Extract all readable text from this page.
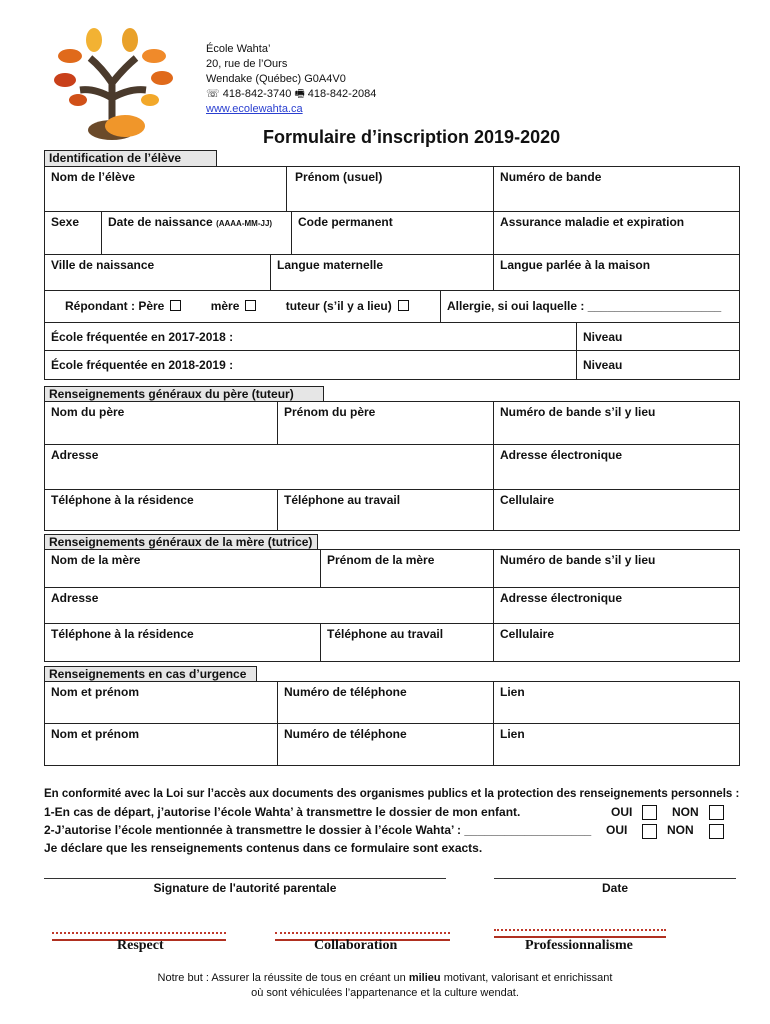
École Wahta’
20, rue de l’Ours
Wendake (Québec) G0A4V0
☏ 418-842-3740 🖷 418-842-2084
www.ecolewahta.ca
Formulaire d’inscription 2019-2020
Identification de l’élève
Nom de l’élève		Prénom (usuel)		Numéro de bande
Sexe	Date de naissance (AAAA-MM-JJ)		Code permanent	Assurance maladie et expiration
Ville de naissance	Langue maternelle	Langue parlée à la maison
Répondant : Père	mère	tuteur (s’il y a lieu)	Allergie, si oui laquelle : ____________________
École fréquentée en 2017-2018 :	Niveau
École fréquentée en 2018-2019 :	Niveau
Renseignements généraux du père (tuteur)
Nom du père	Prénom du père	Numéro de bande s’il y lieu
Adresse		Adresse électronique
Téléphone à la résidence	Téléphone au travail	Cellulaire
Renseignements généraux de la mère (tutrice)
Nom de la mère	Prénom de la mère	Numéro de bande s’il y lieu
Adresse		Adresse électronique
Téléphone à la résidence	Téléphone au travail	Cellulaire
Renseignements en cas d’urgence
Nom et prénom	Numéro de téléphone	Lien
Nom et prénom	Numéro de téléphone	Lien
En conformité avec la Loi sur l’accès aux documents des organismes publics et la protection des renseignements personnels :
1-En cas de départ, j’autorise l’école Wahta’ à transmettre le dossier de mon enfant.	OUI	NON
2-J’autorise l’école mentionnée à transmettre le dossier à l’école Wahta’ : ___________________ OUI	NON
Je déclare que les renseignements contenus dans ce formulaire sont exacts.
Signature de l'autorité parentale	Date
Respect	Collaboration	Professionnalisme
Notre but : Assurer la réussite de tous en créant un milieu motivant, valorisant et enrichissant
où sont véhiculées l’appartenance et la culture wendat.
